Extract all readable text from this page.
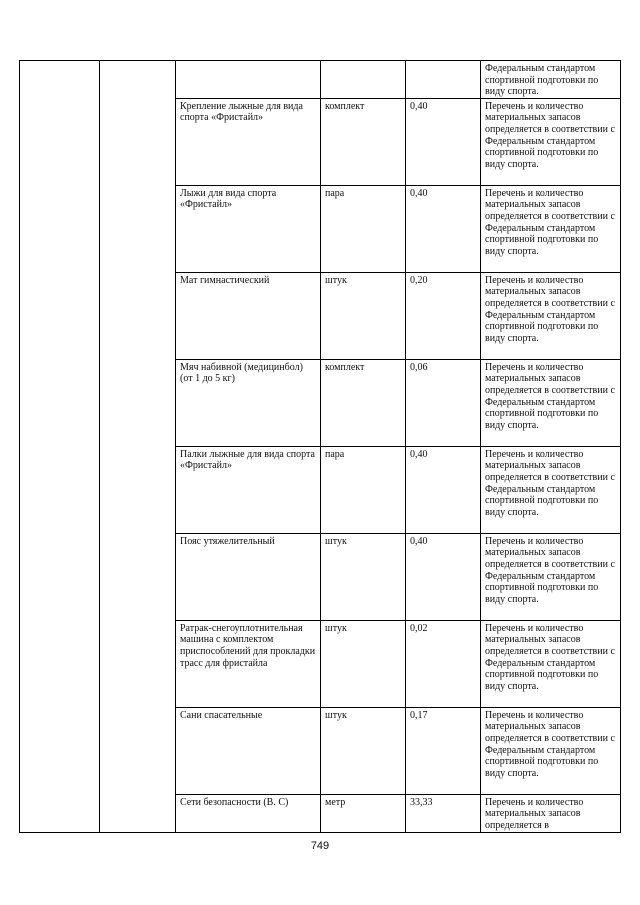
					Федеральным стандартом спортивной подготовки по виду спорта.
		Крепление лыжные для вида спорта «Фристайл»	комплект	0,40	Перечень и количество материальных запасов определяется в соответствии с Федеральным стандартом спортивной подготовки по виду спорта.
		Лыжи для вида спорта «Фристайл»	пара	0,40	Перечень и количество материальных запасов определяется в соответствии с Федеральным стандартом спортивной подготовки по виду спорта.
		Мат гимнастический	штук	0,20	Перечень и количество материальных запасов определяется в соответствии с Федеральным стандартом спортивной подготовки по виду спорта.
		Мяч набивной (медицинбол) (от 1 до 5 кг)	комплект	0,06	Перечень и количество материальных запасов определяется в соответствии с Федеральным стандартом спортивной подготовки по виду спорта.
		Палки лыжные для вида спорта «Фристайл»	пара	0,40	Перечень и количество материальных запасов определяется в соответствии с Федеральным стандартом спортивной подготовки по виду спорта.
		Пояс утяжелительный	штук	0,40	Перечень и количество материальных запасов определяется в соответствии с Федеральным стандартом спортивной подготовки по виду спорта.
		Ратрак-снегоуплотнительная машина с комплектом приспособлений для прокладки трасс для фристайла	штук	0,02	Перечень и количество материальных запасов определяется в соответствии с Федеральным стандартом спортивной подготовки по виду спорта.
		Сани спасательные	штук	0,17	Перечень и количество материальных запасов определяется в соответствии с Федеральным стандартом спортивной подготовки по виду спорта.
		Сети безопасности (В. С)	метр	33,33	Перечень и количество материальных запасов определяется в
749
